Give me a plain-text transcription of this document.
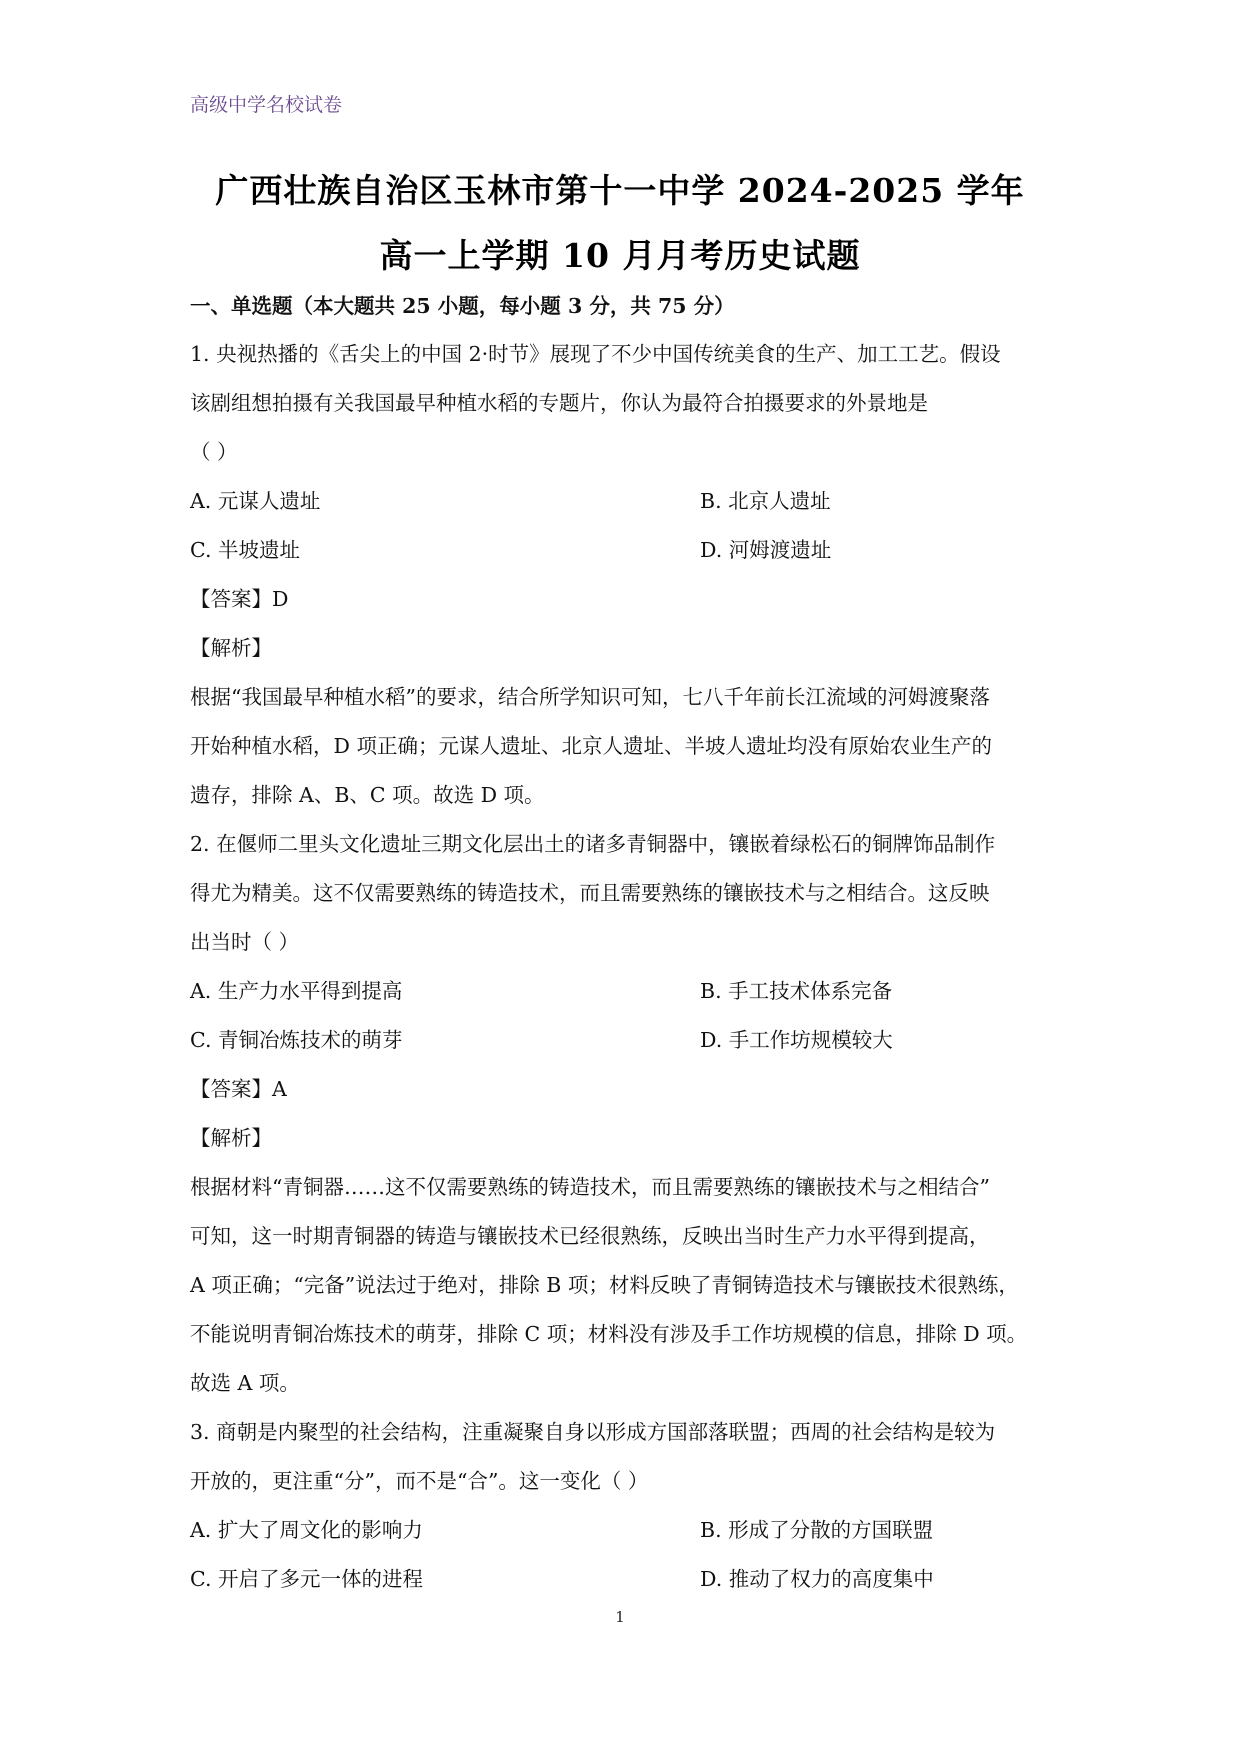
高级中学名校试卷
广西壮族自治区玉林市第十一中学 2024-2025 学年
高一上学期 10 月月考历史试题
一、单选题（本大题共 25 小题，每小题 3 分，共 75 分）
1. 央视热播的《舌尖上的中国 2·时节》展现了不少中国传统美食的生产、加工工艺。假设
该剧组想拍摄有关我国最早种植水稻的专题片，你认为最符合拍摄要求的外景地是
（ ）
A. 元谋人遗址	B. 北京人遗址
C. 半坡遗址	D. 河姆渡遗址
【答案】D
【解析】
根据“我国最早种植水稻”的要求，结合所学知识可知，七八千年前长江流域的河姆渡聚落
开始种植水稻，D 项正确；元谋人遗址、北京人遗址、半坡人遗址均没有原始农业生产的
遗存，排除 A、B、C 项。故选 D 项。
2. 在偃师二里头文化遗址三期文化层出土的诸多青铜器中，镶嵌着绿松石的铜牌饰品制作
得尤为精美。这不仅需要熟练的铸造技术，而且需要熟练的镶嵌技术与之相结合。这反映
出当时（ ）
A. 生产力水平得到提高	B. 手工技术体系完备
C. 青铜冶炼技术的萌芽	D. 手工作坊规模较大
【答案】A
【解析】
根据材料“青铜器……这不仅需要熟练的铸造技术，而且需要熟练的镶嵌技术与之相结合”
可知，这一时期青铜器的铸造与镶嵌技术已经很熟练，反映出当时生产力水平得到提高，
A 项正确；“完备”说法过于绝对，排除 B 项；材料反映了青铜铸造技术与镶嵌技术很熟练，
不能说明青铜冶炼技术的萌芽，排除 C 项；材料没有涉及手工作坊规模的信息，排除 D 项。
故选 A 项。
3. 商朝是内聚型的社会结构，注重凝聚自身以形成方国部落联盟；西周的社会结构是较为
开放的，更注重“分”，而不是“合”。这一变化（ ）
A. 扩大了周文化的影响力	B. 形成了分散的方国联盟
C. 开启了多元一体的进程	D. 推动了权力的高度集中
1
